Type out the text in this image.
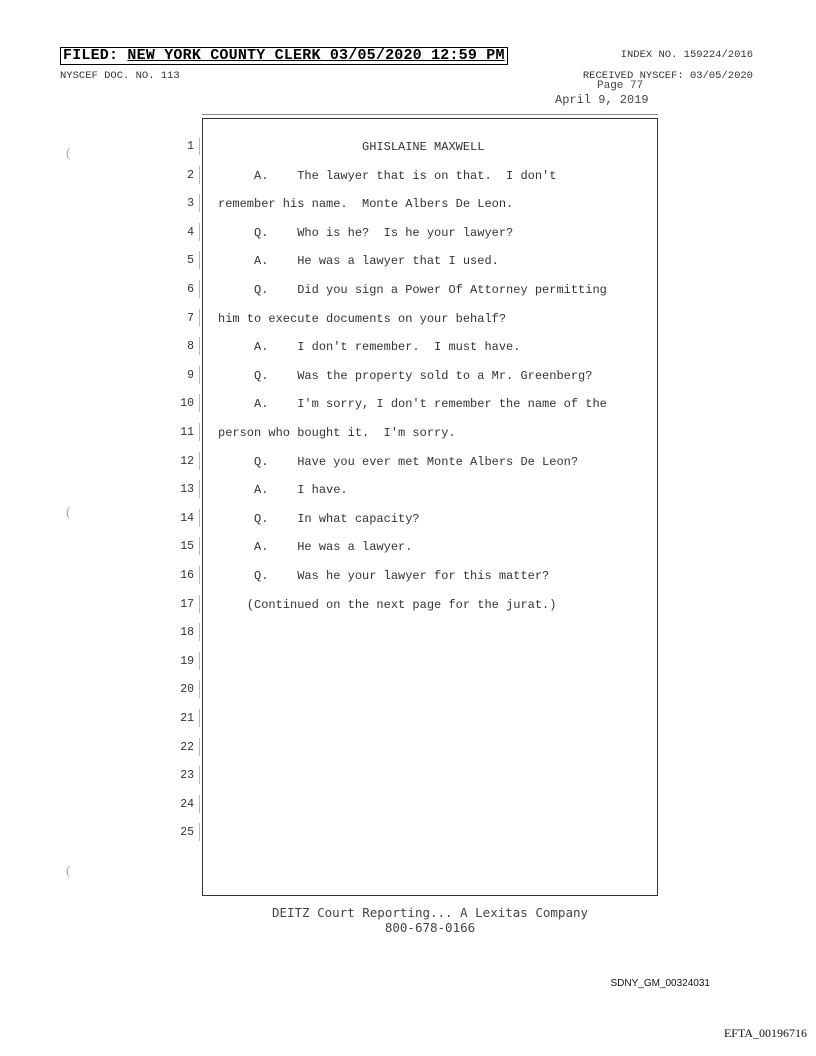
FILED: NEW YORK COUNTY CLERK 03/05/2020 12:59 PM	INDEX NO. 159224/2016
NYSCEF DOC. NO. 113	RECEIVED NYSCEF: 03/05/2020
Page 77
April 9, 2019
(
(
(
1 GHISLAINE MAXWELL
2 A.    The lawyer that is on that.  I don't
3 remember his name.  Monte Albers De Leon.
4 Q.    Who is he?  Is he your lawyer?
5 A.    He was a lawyer that I used.
6 Q.    Did you sign a Power Of Attorney permitting
7 him to execute documents on your behalf?
8 A.    I don't remember.  I must have.
9 Q.    Was the property sold to a Mr. Greenberg?
10 A.    I'm sorry, I don't remember the name of the
11 person who bought it.  I'm sorry.
12 Q.    Have you ever met Monte Albers De Leon?
13 A.    I have.
14 Q.    In what capacity?
15 A.    He was a lawyer.
16 Q.    Was he your lawyer for this matter?
17 (Continued on the next page for the jurat.)
18
19
20
21
22
23
24
25
DEITZ Court Reporting... A Lexitas Company
800-678-0166
SDNY_GM_00324031
EFTA_00196716
